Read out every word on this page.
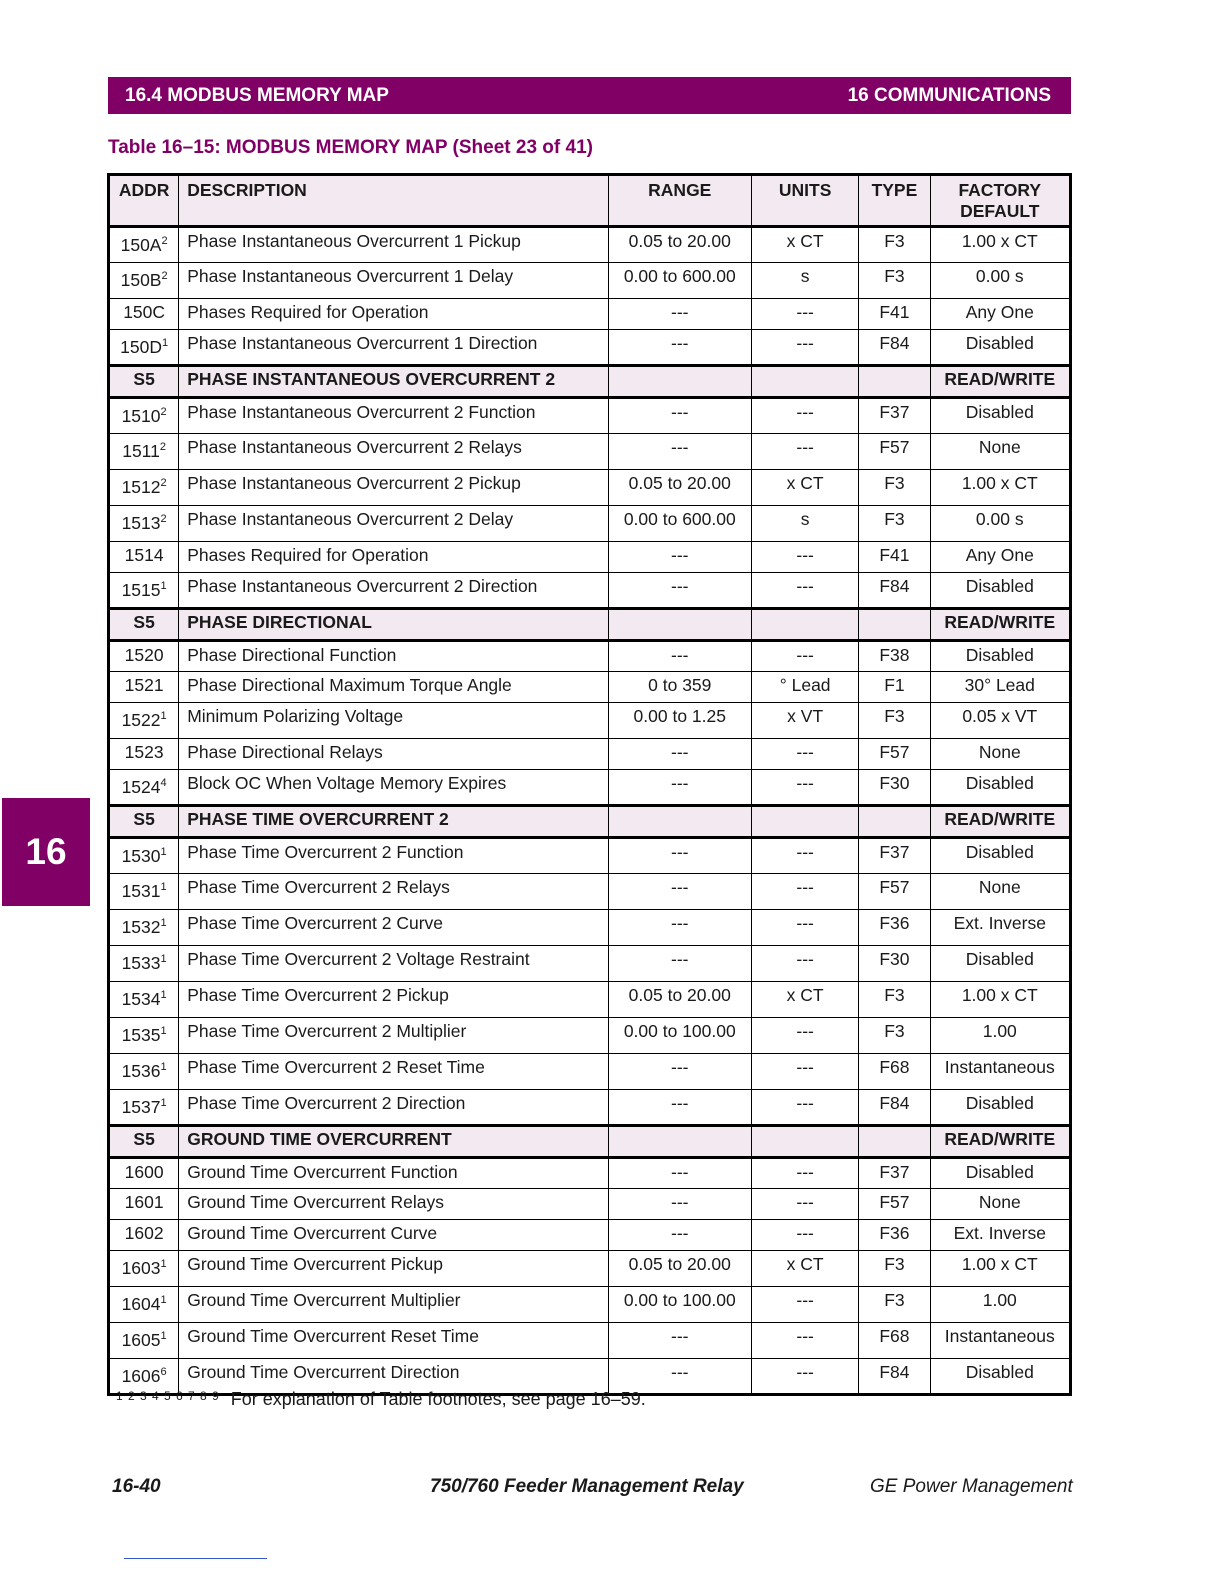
16.4 MODBUS MEMORY MAP	16 COMMUNICATIONS
Table 16–15: MODBUS MEMORY MAP (Sheet 23 of 41)
16
ADDR	DESCRIPTION	RANGE	UNITS	TYPE	FACTORY DEFAULT
$150A^2$	Phase Instantaneous Overcurrent 1 Pickup	0.05 to 20.00	x CT	F3	1.00 x CT
$150B^2$	Phase Instantaneous Overcurrent 1 Delay	0.00 to 600.00	s	F3	0.00 s
150C	Phases Required for Operation	---	---	F41	Any One
$150D^1$	Phase Instantaneous Overcurrent 1 Direction	---	---	F84	Disabled
S5	PHASE INSTANTANEOUS OVERCURRENT 2				READ/WRITE
1510$^2$	Phase Instantaneous Overcurrent 2 Function	---	---	F37	Disabled
1511$^2$	Phase Instantaneous Overcurrent 2 Relays	---	---	F57	None
1512$^2$	Phase Instantaneous Overcurrent 2 Pickup	0.05 to 20.00	x CT	F3	1.00 x CT
1513$^2$	Phase Instantaneous Overcurrent 2 Delay	0.00 to 600.00	s	F3	0.00 s
1514	Phases Required for Operation	---	---	F41	Any One
1515$^1$	Phase Instantaneous Overcurrent 2 Direction	---	---	F84	Disabled
S5	PHASE DIRECTIONAL				READ/WRITE
1520	Phase Directional Function	---	---	F38	Disabled
1521	Phase Directional Maximum Torque Angle	0 to 359	° Lead	F1	30° Lead
1522$^1$	Minimum Polarizing Voltage	0.00 to 1.25	x VT	F3	0.05 x VT
1523	Phase Directional Relays	---	---	F57	None
1524$^4$	Block OC When Voltage Memory Expires	---	---	F30	Disabled
S5	PHASE TIME OVERCURRENT 2				READ/WRITE
1530$^1$	Phase Time Overcurrent 2 Function	---	---	F37	Disabled
1531$^1$	Phase Time Overcurrent 2 Relays	---	---	F57	None
1532$^1$	Phase Time Overcurrent 2 Curve	---	---	F36	Ext. Inverse
1533$^1$	Phase Time Overcurrent 2 Voltage Restraint	---	---	F30	Disabled
1534$^1$	Phase Time Overcurrent 2 Pickup	0.05 to 20.00	x CT	F3	1.00 x CT
1535$^1$	Phase Time Overcurrent 2 Multiplier	0.00 to 100.00	---	F3	1.00
1536$^1$	Phase Time Overcurrent 2 Reset Time	---	---	F68	Instantaneous
1537$^1$	Phase Time Overcurrent 2 Direction	---	---	F84	Disabled
S5	GROUND TIME OVERCURRENT				READ/WRITE
1600	Ground Time Overcurrent Function	---	---	F37	Disabled
1601	Ground Time Overcurrent Relays	---	---	F57	None
1602	Ground Time Overcurrent Curve	---	---	F36	Ext. Inverse
1603$^1$	Ground Time Overcurrent Pickup	0.05 to 20.00	x CT	F3	1.00 x CT
1604$^1$	Ground Time Overcurrent Multiplier	0.00 to 100.00	---	F3	1.00
1605$^1$	Ground Time Overcurrent Reset Time	---	---	F68	Instantaneous
1606$^6$	Ground Time Overcurrent Direction	---	---	F84	Disabled
$^{1 2 3 4 5 6 7 8 9}$ For explanation of Table footnotes, see page 16–59.
16-40	750/760 Feeder Management Relay	GE Power Management
